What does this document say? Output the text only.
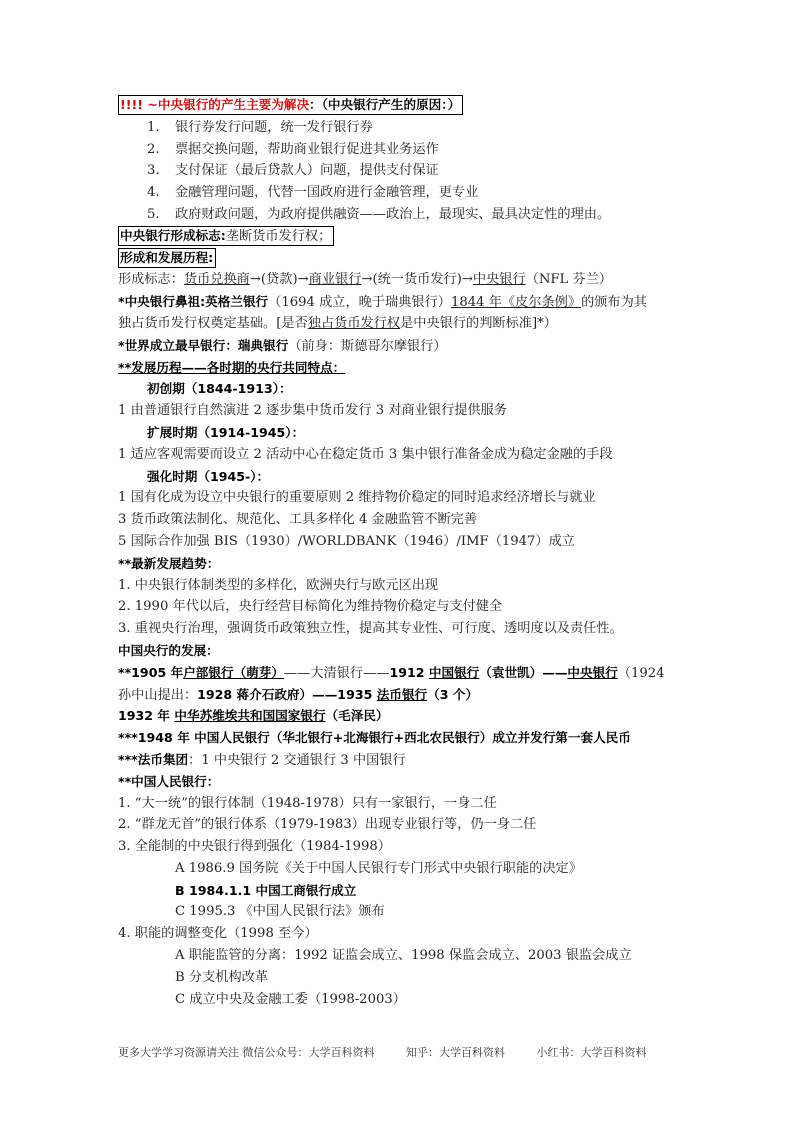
!!!! ~中央银行的产生主要为解决：（中央银行产生的原因：）
1. 银行券发行问题，统一发行银行券
2. 票据交换问题，帮助商业银行促进其业务运作
3. 支付保证（最后贷款人）问题，提供支付保证
4. 金融管理问题，代替一国政府进行金融管理，更专业
5. 政府财政问题，为政府提供融资——政治上，最现实、最具决定性的理由。
中央银行形成标志:垄断货币发行权；
形成和发展历程:
形成标志：货币兑换商→(贷款)→商业银行→(统一货币发行)→中央银行（NFL 芬兰）
*中央银行鼻祖:英格兰银行（1694 成立，晚于瑞典银行）1844 年《皮尔条例》的颁布为其
独占货币发行权奠定基础。[是否独占货币发行权是中央银行的判断标准]*）
*世界成立最早银行：瑞典银行（前身：斯德哥尔摩银行）
**发展历程——各时期的央行共同特点：
初创期（1844-1913）：
1 由普通银行自然演进 2 逐步集中货币发行 3 对商业银行提供服务
扩展时期（1914-1945）：
1 适应客观需要而设立 2 活动中心在稳定货币 3 集中银行准备金成为稳定金融的手段
强化时期（1945-）：
1 国有化成为设立中央银行的重要原则 2 维持物价稳定的同时追求经济增长与就业
3 货币政策法制化、规范化、工具多样化 4 金融监管不断完善
5 国际合作加强 BIS（1930）/WORLDBANK（1946）/IMF（1947）成立
**最新发展趋势：
1. 中央银行体制类型的多样化，欧洲央行与欧元区出现
2. 1990 年代以后，央行经营目标简化为维持物价稳定与支付健全
3. 重视央行治理，强调货币政策独立性，提高其专业性、可行度、透明度以及责任性。
中国央行的发展：
**1905 年户部银行（萌芽）——大清银行——1912 中国银行（袁世凯）——中央银行（1924
孙中山提出：1928 蒋介石政府）——1935 法币银行（3 个）
1932 年 中华苏维埃共和国国家银行（毛泽民）
***1948 年 中国人民银行（华北银行+北海银行+西北农民银行）成立并发行第一套人民币
***法币集团：1 中央银行 2 交通银行 3 中国银行
**中国人民银行：
1. “大一统”的银行体制（1948-1978）只有一家银行，一身二任
2. “群龙无首”的银行体系（1979-1983）出现专业银行等，仍一身二任
3. 全能制的中央银行得到强化（1984-1998）
A 1986.9 国务院《关于中国人民银行专门形式中央银行职能的决定》
B 1984.1.1 中国工商银行成立
C 1995.3 《中国人民银行法》颁布
4. 职能的调整变化（1998 至今）
A 职能监管的分离：1992 证监会成立、1998 保监会成立、2003 银监会成立
B 分支机构改革
C 成立中央及金融工委（1998-2003）
更多大学学习资源请关注 微信公众号：大学百科资料	知乎：大学百科资料	小红书：大学百科资料
